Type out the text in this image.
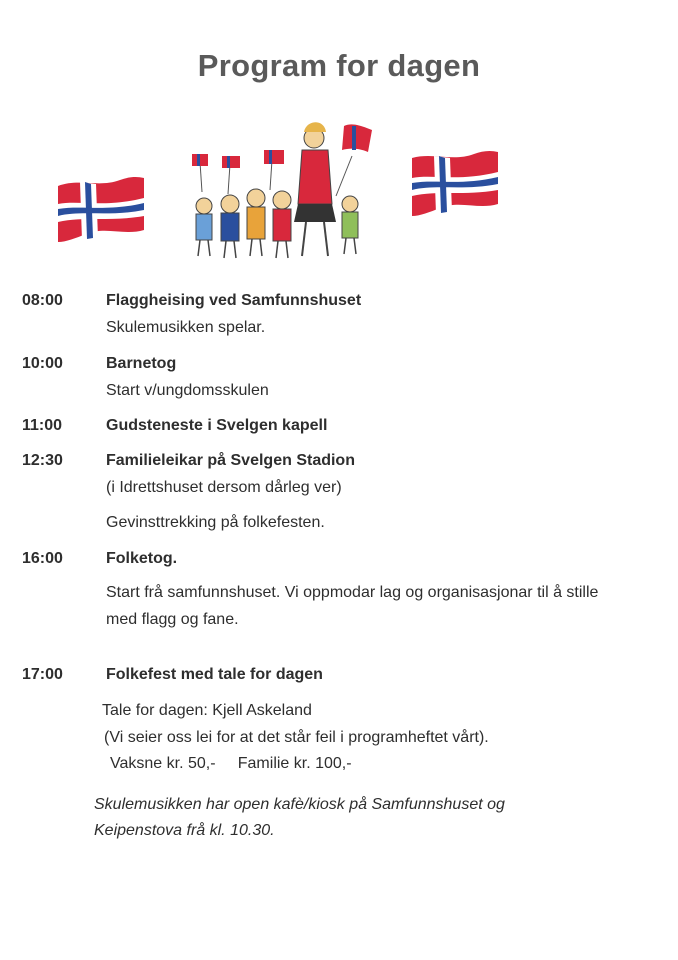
Program for dagen
08:00	Flaggheising ved Samfunnshuset
Skulemusikken spelar.
10:00	Barnetog
Start v/ungdomsskulen
11:00	Gudsteneste i Svelgen kapell
12:30	Familieleikar på Svelgen Stadion
(i Idrettshuset dersom dårleg ver)
Gevinsttrekking på folkefesten.
16:00	Folketog.
Start frå samfunnshuset. Vi oppmodar lag og organisasjonar til å stille
med flagg og fane.
17:00	Folkefest med tale for dagen
Tale for dagen: Kjell Askeland
(Vi seier oss lei for at det står feil i programheftet vårt).
Vaksne kr. 50,-     Familie kr. 100,-
Skulemusikken har open kafè/kiosk på Samfunnshuset og
Keipenstova frå kl. 10.30.
